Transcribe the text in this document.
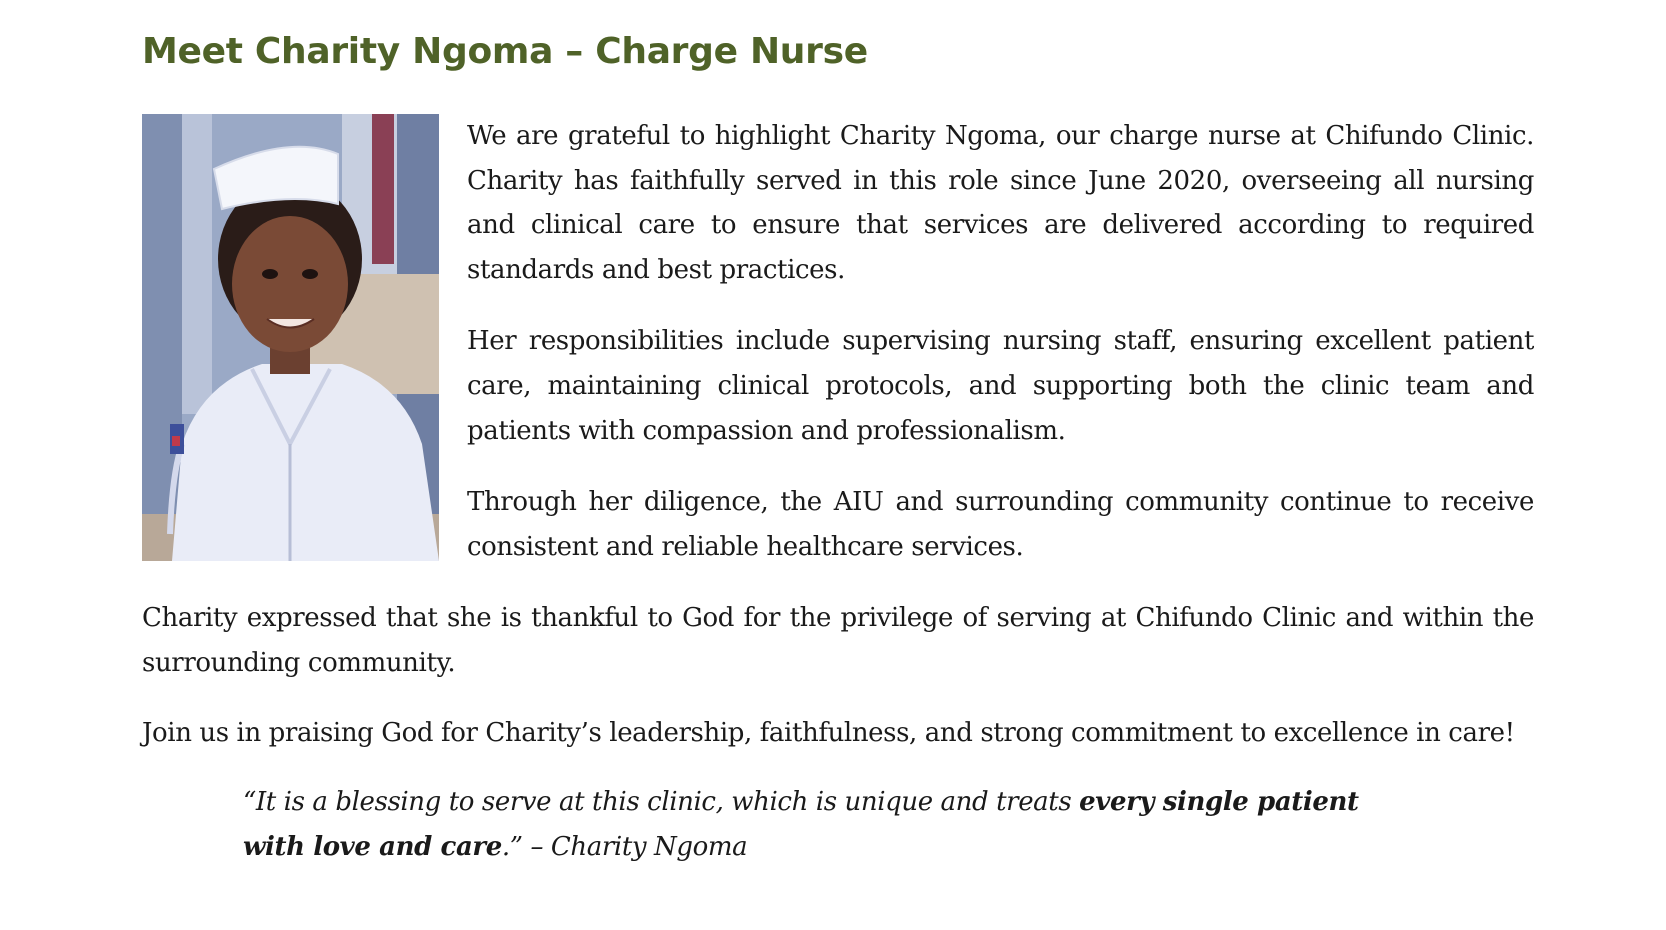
Meet Charity Ngoma – Charge Nurse

We are grateful to highlight Charity Ngoma, our charge nurse at Chifundo Clinic. Charity has faithfully served in this role since June 2020, overseeing all nursing and clinical care to ensure that services are delivered according to required standards and best practices.

Her responsibilities include supervising nursing staff, ensuring excellent patient care, maintaining clinical protocols, and supporting both the clinic team and patients with compassion and professionalism.

Through her diligence, the AIU and surrounding community continue to receive consistent and reliable healthcare services.

Charity expressed that she is thankful to God for the privilege of serving at Chifundo Clinic and within the surrounding community.

Join us in praising God for Charity’s leadership, faithfulness, and strong commitment to excellence in care!

“It is a blessing to serve at this clinic, which is unique and treats every single patient with love and care.” – Charity Ngoma
